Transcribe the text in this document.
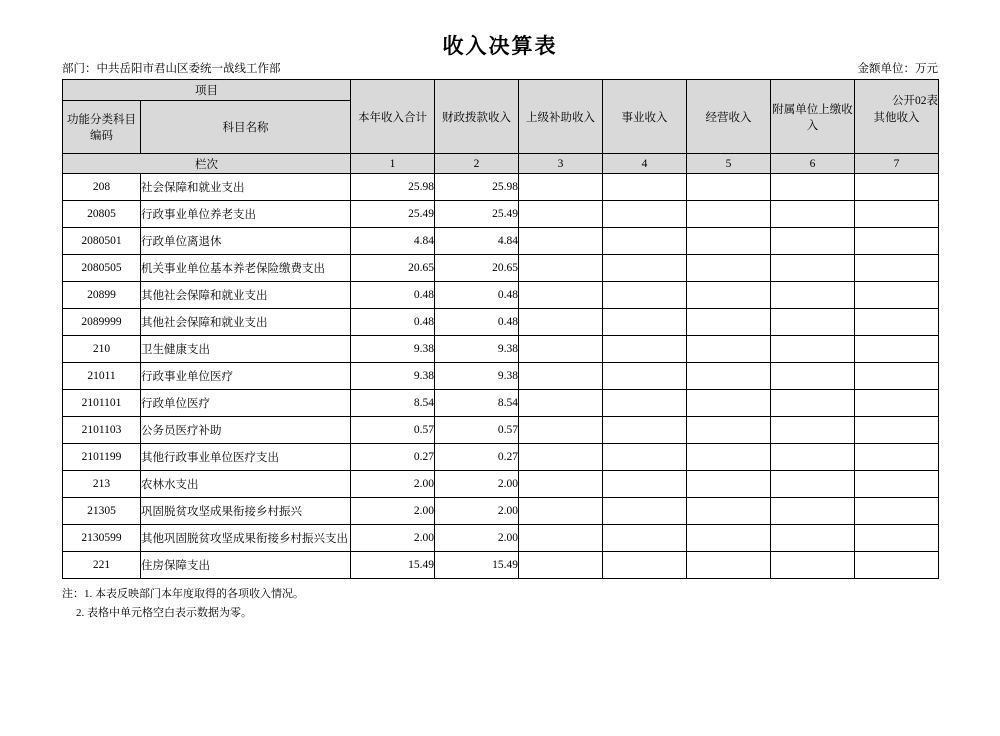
收入决算表
公开02表
部门：中共岳阳市君山区委统一战线工作部	金额单位：万元
项目		本年收入合计	财政拨款收入	上级补助收入	事业收入	经营收入	附属单位上缴收入	其他收入
功能分类科目编码	科目名称							
栏次		1	2	3	4	5	6	7
208	社会保障和就业支出	25.98	25.98					
20805	行政事业单位养老支出	25.49	25.49					
2080501	行政单位离退休	4.84	4.84					
2080505	机关事业单位基本养老保险缴费支出	20.65	20.65					
20899	其他社会保障和就业支出	0.48	0.48					
2089999	其他社会保障和就业支出	0.48	0.48					
210	卫生健康支出	9.38	9.38					
21011	行政事业单位医疗	9.38	9.38					
2101101	行政单位医疗	8.54	8.54					
2101103	公务员医疗补助	0.57	0.57					
2101199	其他行政事业单位医疗支出	0.27	0.27					
213	农林水支出	2.00	2.00					
21305	巩固脱贫攻坚成果衔接乡村振兴	2.00	2.00					
2130599	其他巩固脱贫攻坚成果衔接乡村振兴支出	2.00	2.00					
221	住房保障支出	15.49	15.49					
注：1. 本表反映部门本年度取得的各项收入情况。
2. 表格中单元格空白表示数据为零。
